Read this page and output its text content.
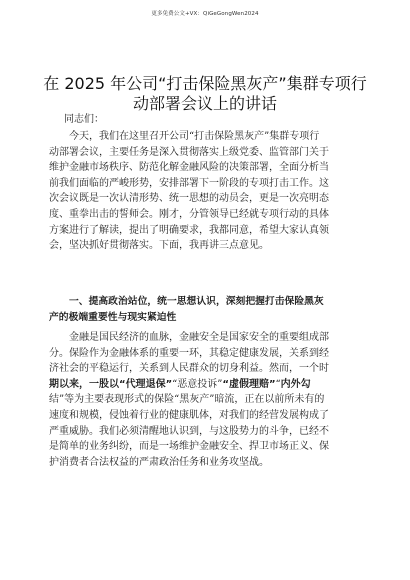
更多免费公文+VX：QiGeGongWen2024
在 2025 年公司“打击保险黑灰产”集群专项行
动部署会议上的讲话

同志们：

今天，我们在这里召开公司“打击保险黑灰产”集群专项行
动部署会议，主要任务是深入贯彻落实上级党委、监管部门关于
维护金融市场秩序、防范化解金融风险的决策部署，全面分析当
前我们面临的严峻形势，安排部署下一阶段的专项打击工作。这
次会议既是一次认清形势、统一思想的动员会，更是一次亮明态
度、重拳出击的誓师会。刚才，分管领导已经就专项行动的具体
方案进行了解读，提出了明确要求，我都同意，希望大家认真领
会，坚决抓好贯彻落实。下面，我再讲三点意见。
一、提高政治站位，统一思想认识，深刻把握打击保险黑灰
产的极端重要性与现实紧迫性
金融是国民经济的血脉，金融安全是国家安全的重要组成部
分。保险作为金融体系的重要一环，其稳定健康发展，关系到经
济社会的平稳运行，关系到人民群众的切身利益。然而，一个时
期以来，一股以“代理退保”“恶意投诉”“虚假理赔”“内外勾
结”等为主要表现形式的保险“黑灰产”暗流，正在以前所未有的
速度和规模，侵蚀着行业的健康肌体，对我们的经营发展构成了
严重威胁。我们必须清醒地认识到，与这股势力的斗争，已经不
是简单的业务纠纷，而是一场维护金融安全、捍卫市场正义、保
护消费者合法权益的严肃政治任务和业务攻坚战。
